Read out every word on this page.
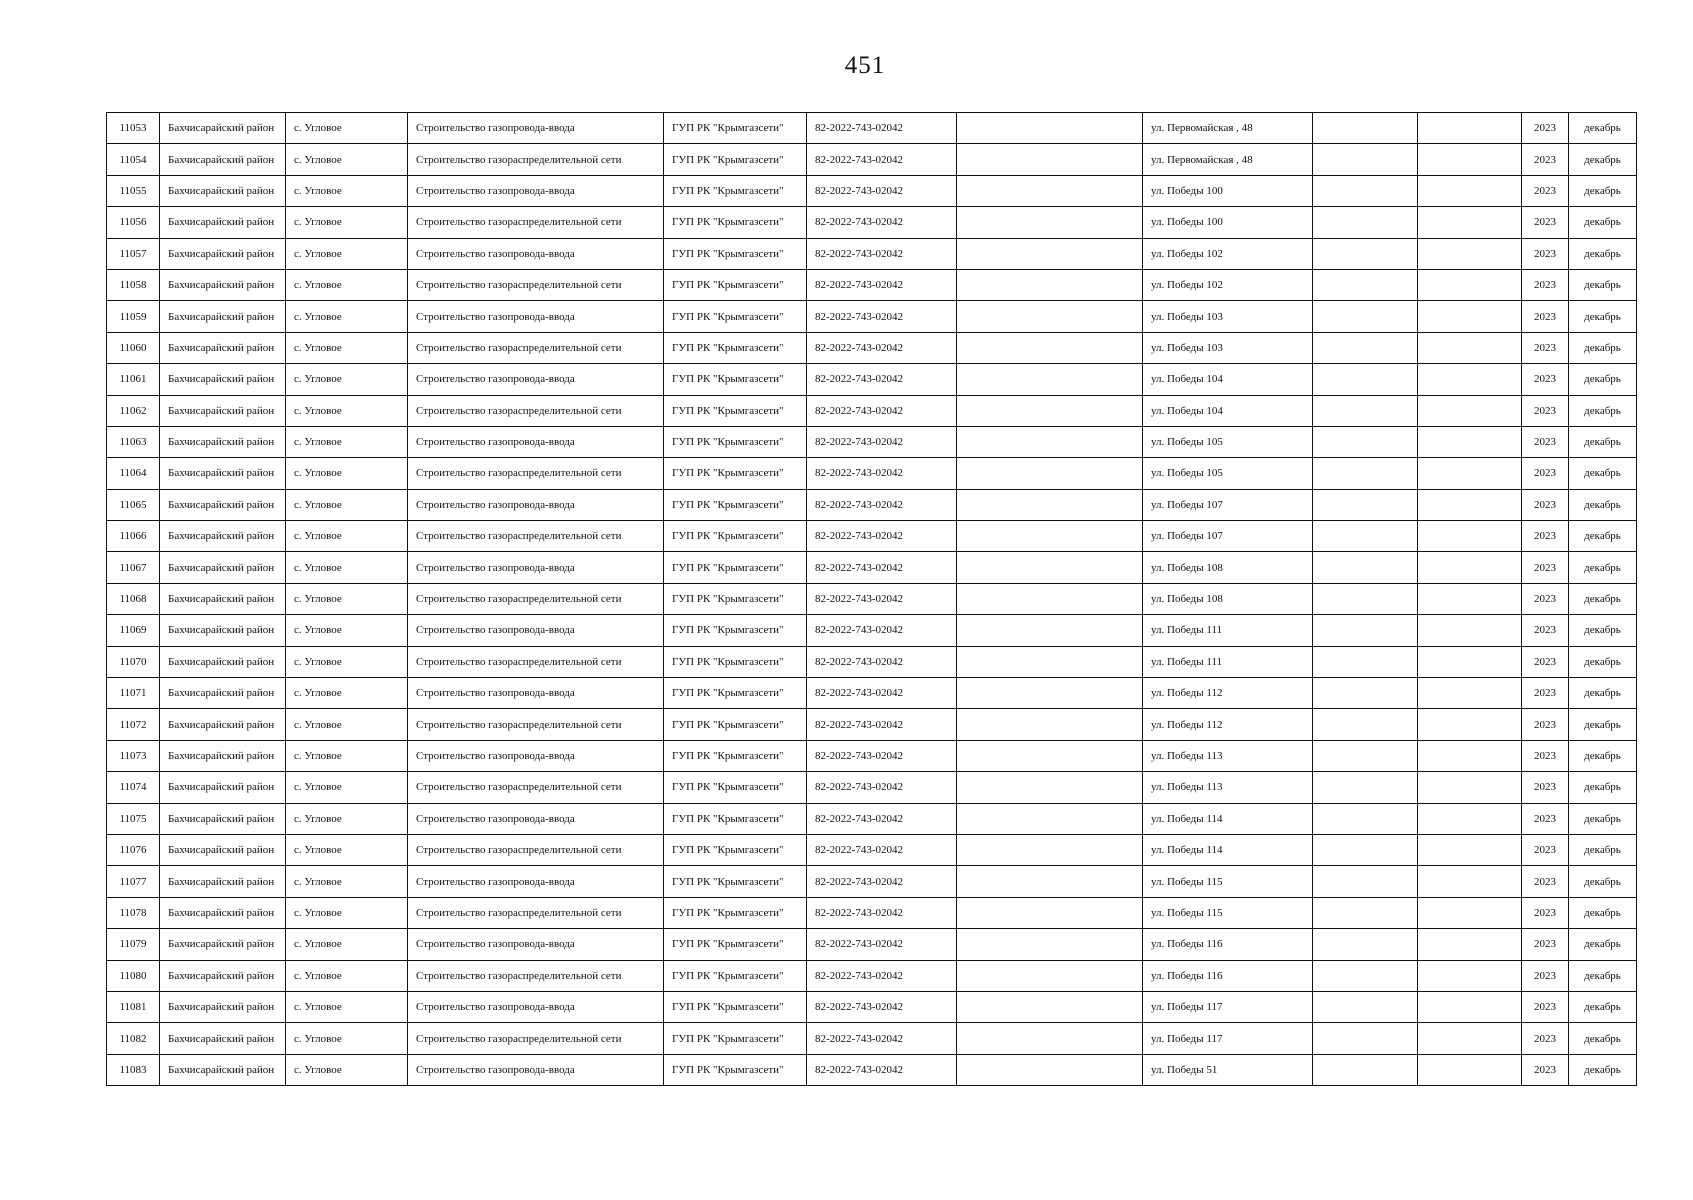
451
11053	Бахчисарайский район	с. Угловое	Строительство газопровода-ввода	ГУП РК "Крымгазсети"	82-2022-743-02042		ул. Первомайская , 48			2023	декабрь
11054	Бахчисарайский район	с. Угловое	Строительство газораспределительной сети	ГУП РК "Крымгазсети"	82-2022-743-02042		ул. Первомайская , 48			2023	декабрь
11055	Бахчисарайский район	с. Угловое	Строительство газопровода-ввода	ГУП РК "Крымгазсети"	82-2022-743-02042		ул. Победы 100			2023	декабрь
11056	Бахчисарайский район	с. Угловое	Строительство газораспределительной сети	ГУП РК "Крымгазсети"	82-2022-743-02042		ул. Победы 100			2023	декабрь
11057	Бахчисарайский район	с. Угловое	Строительство газопровода-ввода	ГУП РК "Крымгазсети"	82-2022-743-02042		ул. Победы 102			2023	декабрь
11058	Бахчисарайский район	с. Угловое	Строительство газораспределительной сети	ГУП РК "Крымгазсети"	82-2022-743-02042		ул. Победы 102			2023	декабрь
11059	Бахчисарайский район	с. Угловое	Строительство газопровода-ввода	ГУП РК "Крымгазсети"	82-2022-743-02042		ул. Победы 103			2023	декабрь
11060	Бахчисарайский район	с. Угловое	Строительство газораспределительной сети	ГУП РК "Крымгазсети"	82-2022-743-02042		ул. Победы 103			2023	декабрь
11061	Бахчисарайский район	с. Угловое	Строительство газопровода-ввода	ГУП РК "Крымгазсети"	82-2022-743-02042		ул. Победы 104			2023	декабрь
11062	Бахчисарайский район	с. Угловое	Строительство газораспределительной сети	ГУП РК "Крымгазсети"	82-2022-743-02042		ул. Победы 104			2023	декабрь
11063	Бахчисарайский район	с. Угловое	Строительство газопровода-ввода	ГУП РК "Крымгазсети"	82-2022-743-02042		ул. Победы 105			2023	декабрь
11064	Бахчисарайский район	с. Угловое	Строительство газораспределительной сети	ГУП РК "Крымгазсети"	82-2022-743-02042		ул. Победы 105			2023	декабрь
11065	Бахчисарайский район	с. Угловое	Строительство газопровода-ввода	ГУП РК "Крымгазсети"	82-2022-743-02042		ул. Победы 107			2023	декабрь
11066	Бахчисарайский район	с. Угловое	Строительство газораспределительной сети	ГУП РК "Крымгазсети"	82-2022-743-02042		ул. Победы 107			2023	декабрь
11067	Бахчисарайский район	с. Угловое	Строительство газопровода-ввода	ГУП РК "Крымгазсети"	82-2022-743-02042		ул. Победы 108			2023	декабрь
11068	Бахчисарайский район	с. Угловое	Строительство газораспределительной сети	ГУП РК "Крымгазсети"	82-2022-743-02042		ул. Победы 108			2023	декабрь
11069	Бахчисарайский район	с. Угловое	Строительство газопровода-ввода	ГУП РК "Крымгазсети"	82-2022-743-02042		ул. Победы 111			2023	декабрь
11070	Бахчисарайский район	с. Угловое	Строительство газораспределительной сети	ГУП РК "Крымгазсети"	82-2022-743-02042		ул. Победы 111			2023	декабрь
11071	Бахчисарайский район	с. Угловое	Строительство газопровода-ввода	ГУП РК "Крымгазсети"	82-2022-743-02042		ул. Победы 112			2023	декабрь
11072	Бахчисарайский район	с. Угловое	Строительство газораспределительной сети	ГУП РК "Крымгазсети"	82-2022-743-02042		ул. Победы 112			2023	декабрь
11073	Бахчисарайский район	с. Угловое	Строительство газопровода-ввода	ГУП РК "Крымгазсети"	82-2022-743-02042		ул. Победы 113			2023	декабрь
11074	Бахчисарайский район	с. Угловое	Строительство газораспределительной сети	ГУП РК "Крымгазсети"	82-2022-743-02042		ул. Победы 113			2023	декабрь
11075	Бахчисарайский район	с. Угловое	Строительство газопровода-ввода	ГУП РК "Крымгазсети"	82-2022-743-02042		ул. Победы 114			2023	декабрь
11076	Бахчисарайский район	с. Угловое	Строительство газораспределительной сети	ГУП РК "Крымгазсети"	82-2022-743-02042		ул. Победы 114			2023	декабрь
11077	Бахчисарайский район	с. Угловое	Строительство газопровода-ввода	ГУП РК "Крымгазсети"	82-2022-743-02042		ул. Победы 115			2023	декабрь
11078	Бахчисарайский район	с. Угловое	Строительство газораспределительной сети	ГУП РК "Крымгазсети"	82-2022-743-02042		ул. Победы 115			2023	декабрь
11079	Бахчисарайский район	с. Угловое	Строительство газопровода-ввода	ГУП РК "Крымгазсети"	82-2022-743-02042		ул. Победы 116			2023	декабрь
11080	Бахчисарайский район	с. Угловое	Строительство газораспределительной сети	ГУП РК "Крымгазсети"	82-2022-743-02042		ул. Победы 116			2023	декабрь
11081	Бахчисарайский район	с. Угловое	Строительство газопровода-ввода	ГУП РК "Крымгазсети"	82-2022-743-02042		ул. Победы 117			2023	декабрь
11082	Бахчисарайский район	с. Угловое	Строительство газораспределительной сети	ГУП РК "Крымгазсети"	82-2022-743-02042		ул. Победы 117			2023	декабрь
11083	Бахчисарайский район	с. Угловое	Строительство газопровода-ввода	ГУП РК "Крымгазсети"	82-2022-743-02042		ул. Победы 51			2023	декабрь
